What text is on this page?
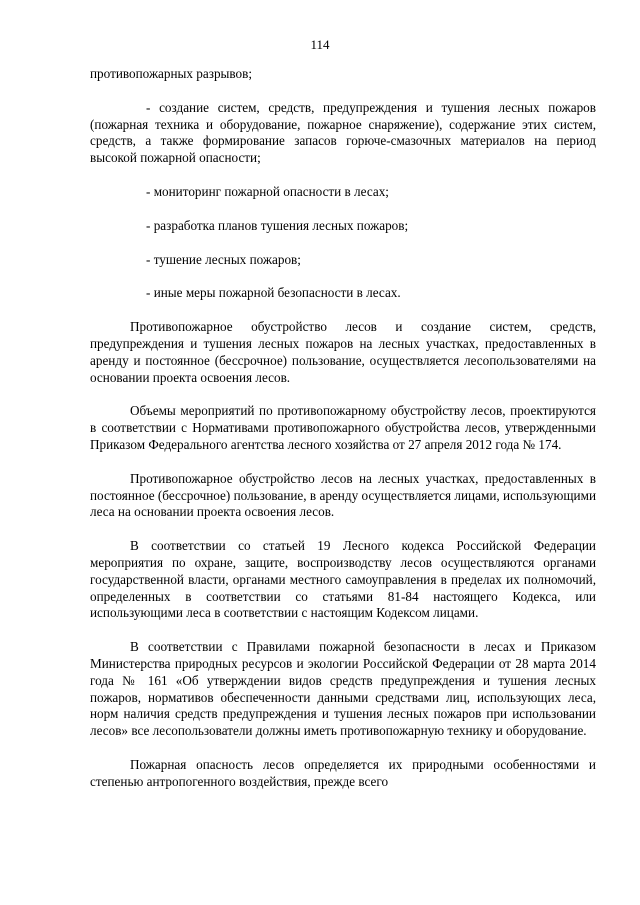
114

противопожарных разрывов;

- создание систем, средств, предупреждения и тушения лесных пожаров (пожарная техника и оборудование, пожарное снаряжение), содержание этих систем, средств, а также формирование запасов горюче-смазочных материалов на период высокой пожарной опасности;

- мониторинг пожарной опасности в лесах;

- разработка планов тушения лесных пожаров;

- тушение лесных пожаров;

- иные меры пожарной безопасности в лесах.

Противопожарное обустройство лесов и создание систем, средств, предупреждения и тушения лесных пожаров на лесных участках, предоставленных в аренду и постоянное (бессрочное) пользование, осуществляется лесопользователями на основании проекта освоения лесов.

Объемы мероприятий по противопожарному обустройству лесов, проектируются в соответствии с Нормативами противопожарного обустройства лесов, утвержденными Приказом Федерального агентства лесного хозяйства от 27 апреля 2012 года № 174.

Противопожарное обустройство лесов на лесных участках, предоставленных в постоянное (бессрочное) пользование, в аренду осуществляется лицами, использующими леса на основании проекта освоения лесов.

В соответствии со статьей 19 Лесного кодекса Российской Федерации мероприятия по охране, защите, воспроизводству лесов осуществляются органами государственной власти, органами местного самоуправления в пределах их полномочий, определенных в соответствии со статьями 81-84 настоящего Кодекса, или использующими леса в соответствии с настоящим Кодексом лицами.

В соответствии с Правилами пожарной безопасности в лесах и Приказом Министерства природных ресурсов и экологии Российской Федерации от 28 марта 2014 года № 161 «Об утверждении видов средств предупреждения и тушения лесных пожаров, нормативов обеспеченности данными средствами лиц, использующих леса, норм наличия средств предупреждения и тушения лесных пожаров при использовании лесов» все лесопользователи должны иметь противопожарную технику и оборудование.

Пожарная опасность лесов определяется их природными особенностями и степенью антропогенного воздействия, прежде всего
